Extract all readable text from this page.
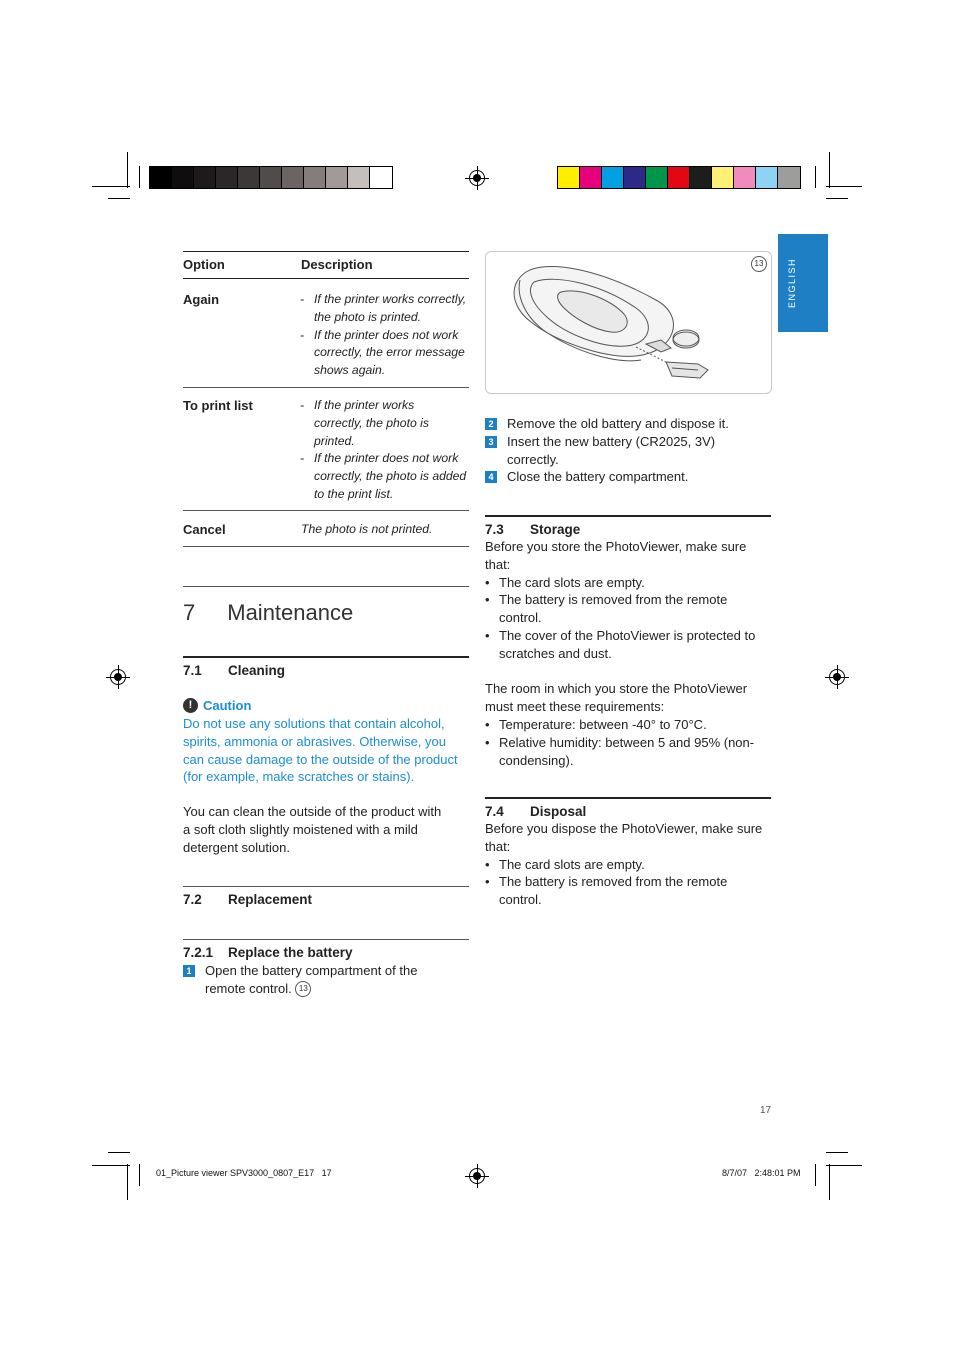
ENGLISH
Option	Description
Again	- If the printer works correctly,
the photo is printed.
- If the printer does not work
correctly, the error message
shows again.
To print list	- If the printer works
correctly, the photo is
printed.
- If the printer does not work
correctly, the photo is added
to the print list.
Cancel	The photo is not printed.
7 Maintenance
7.1 Cleaning
! Caution
Do not use any solutions that contain alcohol,
spirits, ammonia or abrasives. Otherwise, you
can cause damage to the outside of the product
(for example, make scratches or stains).
You can clean the outside of the product with
a soft cloth slightly moistened with a mild
detergent solution.
7.2 Replacement
7.2.1 Replace the battery
1 Open the battery compartment of the
remote control. 13
13
2 Remove the old battery and dispose it.
3 Insert the new battery (CR2025, 3V)
correctly.
4 Close the battery compartment.
7.3 Storage
Before you store the PhotoViewer, make sure
that:
• The card slots are empty.
• The battery is removed from the remote
control.
• The cover of the PhotoViewer is protected to
scratches and dust.
The room in which you store the PhotoViewer
must meet these requirements:
• Temperature: between -40° to 70°C.
• Relative humidity: between 5 and 95% (non-
condensing).
7.4 Disposal
Before you dispose the PhotoViewer, make sure
that:
• The card slots are empty.
• The battery is removed from the remote
control.
17
01_Picture viewer SPV3000_0807_E17   17	8/7/07   2:48:01 PM
